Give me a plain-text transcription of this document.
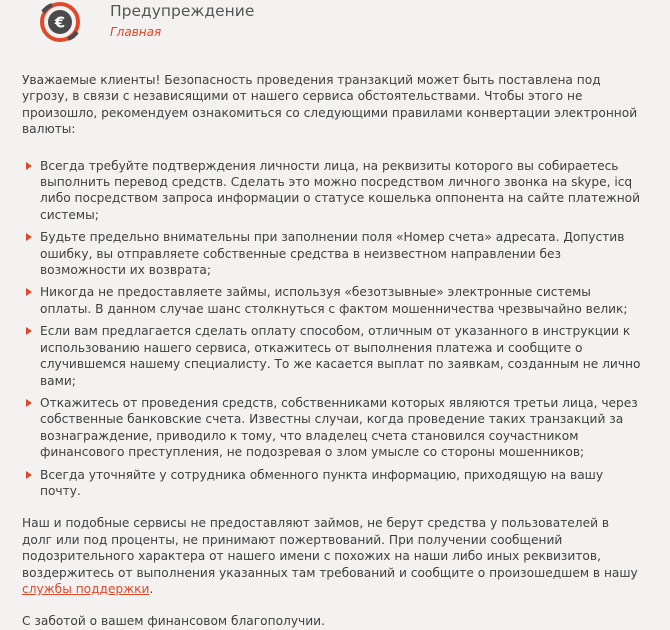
€
Предупреждение
Главная

Уважаемые клиенты! Безопасность проведения транзакций может быть поставлена под угрозу, в связи с независящими от нашего сервиса обстоятельствами. Чтобы этого не произошло, рекомендуем ознакомиться со следующими правилами конвертации электронной валюты:

Всегда требуйте подтверждения личности лица, на реквизиты которого вы собираетесь выполнить перевод средств. Сделать это можно посредством личного звонка на skype, icq либо посредством запроса информации о статусе кошелька оппонента на сайте платежной системы;
Будьте предельно внимательны при заполнении поля «Номер счета» адресата. Допустив ошибку, вы отправляете собственные средства в неизвестном направлении без возможности их возврата;
Никогда не предоставляете займы, используя «безотзывные» электронные системы оплаты. В данном случае шанс столкнуться с фактом мошенничества чрезвычайно велик;
Если вам предлагается сделать оплату способом, отличным от указанного в инструкции к использованию нашего сервиса, откажитесь от выполнения платежа и сообщите о случившемся нашему специалисту. То же касается выплат по заявкам, созданным не лично вами;
Откажитесь от проведения средств, собственниками которых являются третьи лица, через собственные банковские счета. Известны случаи, когда проведение таких транзакций за вознаграждение, приводило к тому, что владелец счета становился соучастником финансового преступления, не подозревая о злом умысле со стороны мошенников;
Всегда уточняйте у сотрудника обменного пункта информацию, приходящую на вашу почту.

Наш и подобные сервисы не предоставляют займов, не берут средства у пользователей в долг или под проценты, не принимают пожертвований. При получении сообщений подозрительного характера от нашего имени с похожих на наши либо иных реквизитов, воздержитесь от выполнения указанных там требований и сообщите о произошедшем в нашу службы поддержки.

С заботой о вашем финансовом благополучии.
